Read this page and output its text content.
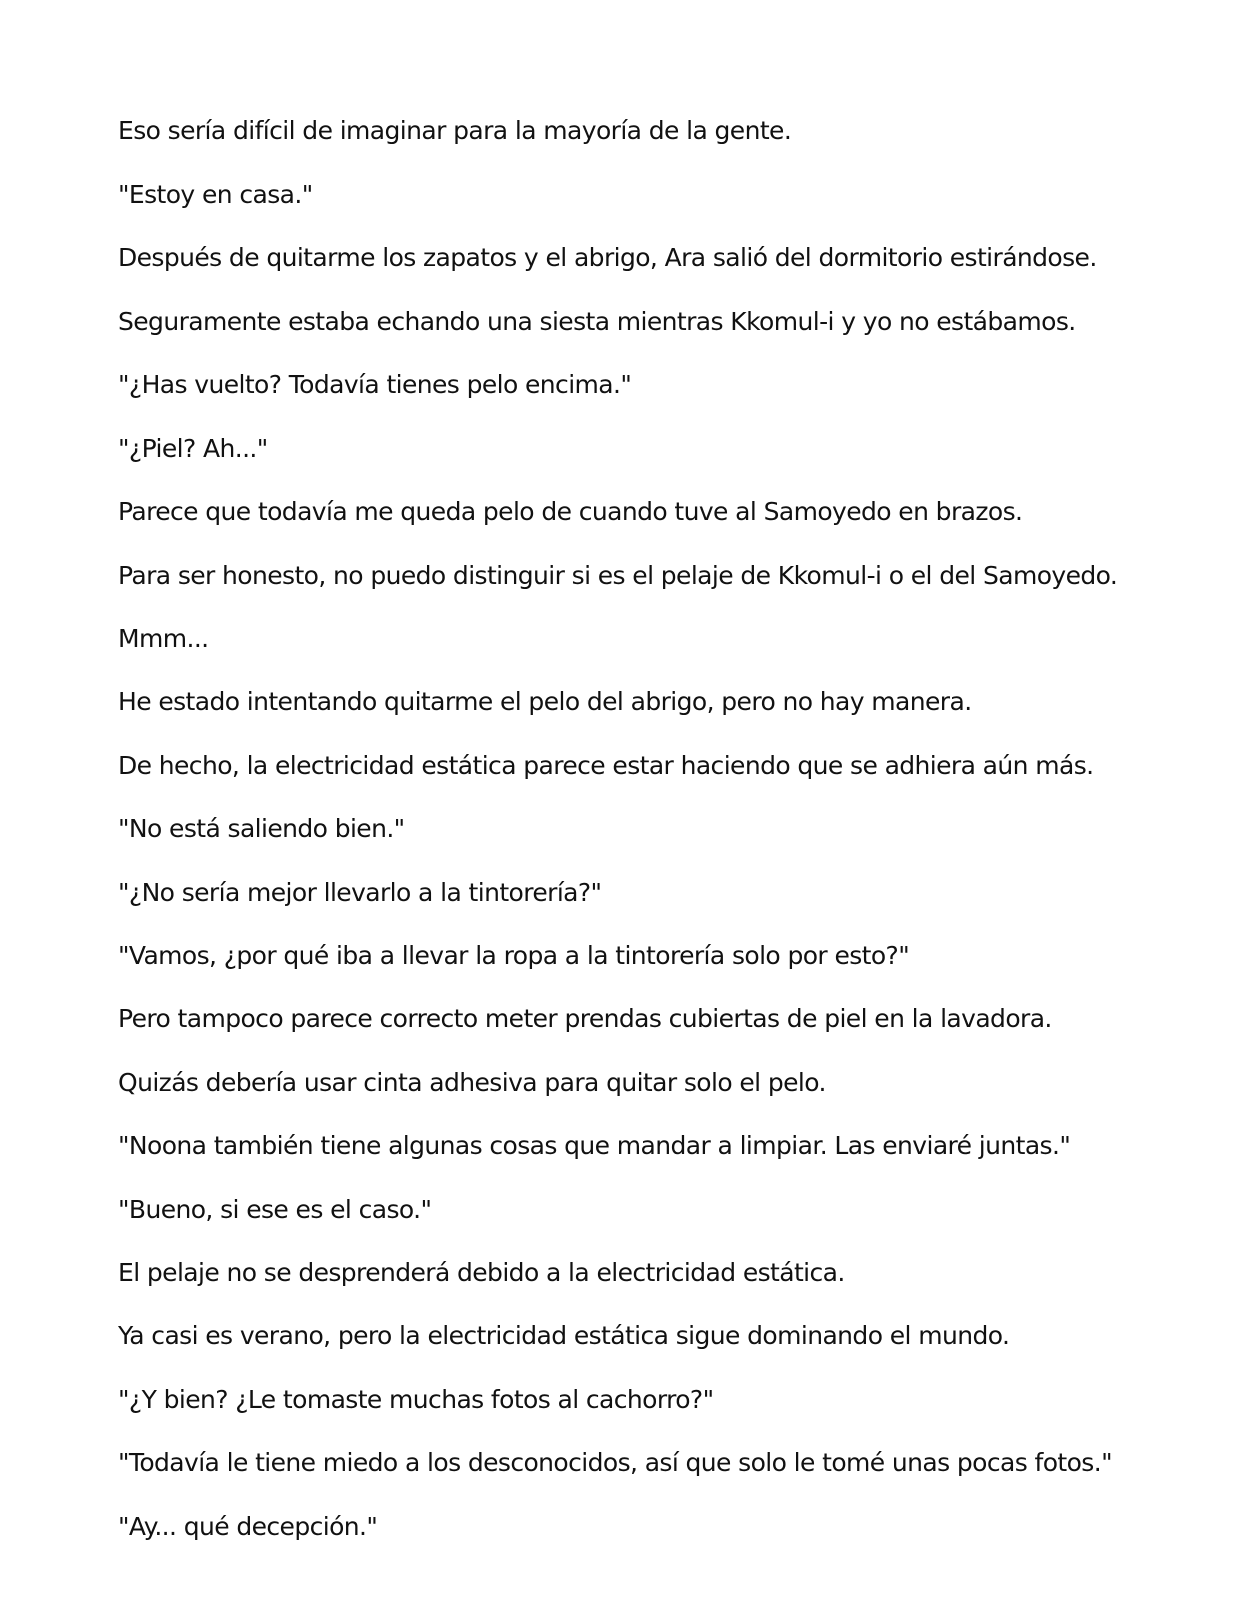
Eso sería difícil de imaginar para la mayoría de la gente.

"Estoy en casa."

Después de quitarme los zapatos y el abrigo, Ara salió del dormitorio estirándose.

Seguramente estaba echando una siesta mientras Kkomul-i y yo no estábamos.

"¿Has vuelto? Todavía tienes pelo encima."

"¿Piel? Ah..."

Parece que todavía me queda pelo de cuando tuve al Samoyedo en brazos.

Para ser honesto, no puedo distinguir si es el pelaje de Kkomul-i o el del Samoyedo.

Mmm...

He estado intentando quitarme el pelo del abrigo, pero no hay manera.

De hecho, la electricidad estática parece estar haciendo que se adhiera aún más.

"No está saliendo bien."

"¿No sería mejor llevarlo a la tintorería?"

"Vamos, ¿por qué iba a llevar la ropa a la tintorería solo por esto?"

Pero tampoco parece correcto meter prendas cubiertas de piel en la lavadora.

Quizás debería usar cinta adhesiva para quitar solo el pelo.

"Noona también tiene algunas cosas que mandar a limpiar. Las enviaré juntas."

"Bueno, si ese es el caso."

El pelaje no se desprenderá debido a la electricidad estática.

Ya casi es verano, pero la electricidad estática sigue dominando el mundo.

"¿Y bien? ¿Le tomaste muchas fotos al cachorro?"

"Todavía le tiene miedo a los desconocidos, así que solo le tomé unas pocas fotos."

"Ay... qué decepción."
